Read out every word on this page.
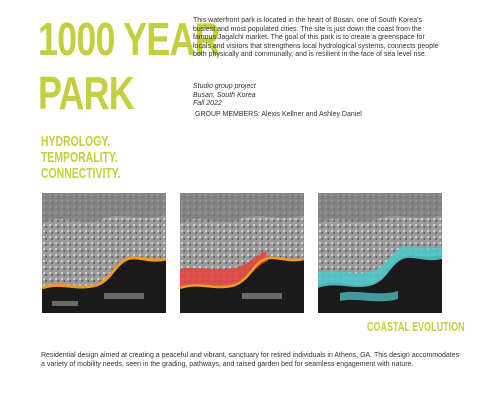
1000 YEAR
PARK
This waterfront park is located in the heart of Busan, one of South Korea's busiest and most populated cities. The site is just down the coast from the famous Jagalchi market. The goal of this park is to create a greenspace for locals and visitors that strengthens local hydrological systems, connects people both physically and communally, and is resilient in the face of sea level rise.
Studio group project
Busan, South Korea
Fall 2022
GROUP MEMBERS: Alexis Kellner and Ashley Daniel
HYDROLOGY.
TEMPORALITY.
CONNECTIVITY.
COASTAL EVOLUTION
Residential design aimed at creating a peaceful and vibrant, sanctuary for retired individuals in Athens, GA. This design accommodates a variety of mobility needs, seen in the grading, pathways, and raised garden bed for seamless engagement with nature.
